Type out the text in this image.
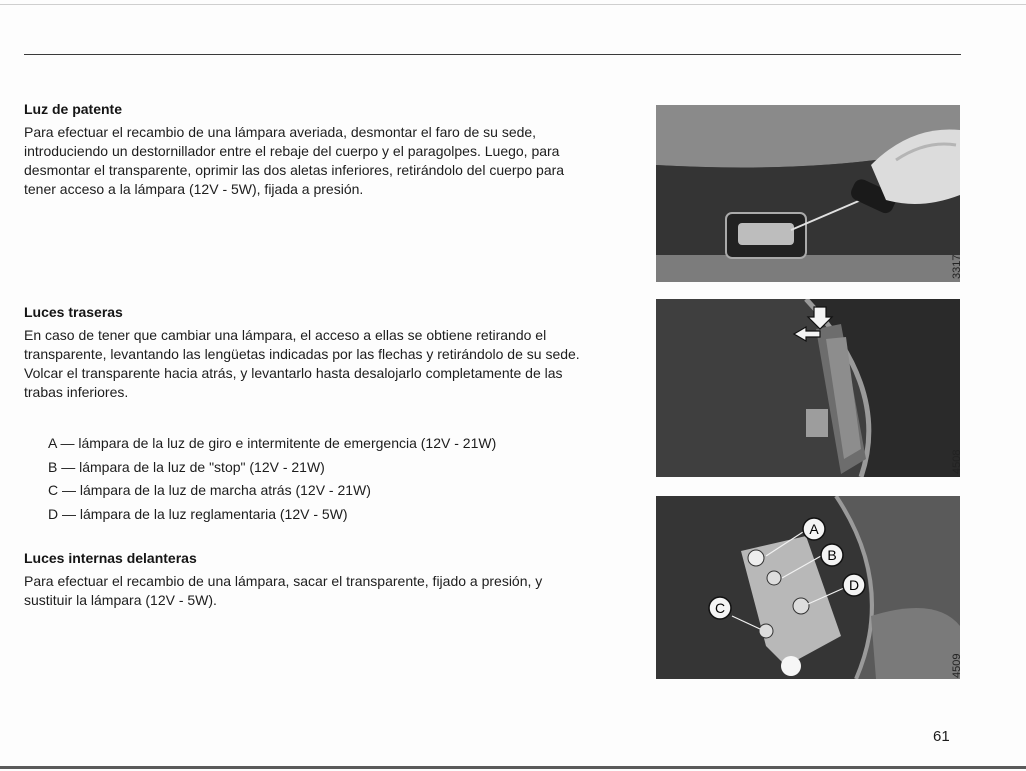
Luz de patente

Para efectuar el recambio de una lámpara averiada, desmontar el faro de su sede, introduciendo un destornillador entre el rebaje del cuerpo y el paragolpes. Luego, para desmontar el transparente, oprimir las dos aletas inferiores, retirándolo del cuerpo para tener acceso a la lámpara (12V - 5W), fijada a presión.

Luces traseras

En caso de tener que cambiar una lámpara, el acceso a ellas se obtiene retirando el transparente, levantando las lengüetas indicadas por las flechas y retirándolo de su sede. Volcar el transparente hacia atrás, y levantarlo hasta desalojarlo completamente de las trabas inferiores.

A — lámpara de la luz de giro e intermitente de emergencia (12V - 21W)
B — lámpara de la luz de "stop" (12V - 21W)
C — lámpara de la luz de marcha atrás (12V - 21W)
D — lámpara de la luz reglamentaria (12V - 5W)
Luces internas delanteras

Para efectuar el recambio de una lámpara, sacar el transparente, fijado a presión, y sustituir la lámpara (12V - 5W).

3317
4508
A
B
C
D
4509
61
